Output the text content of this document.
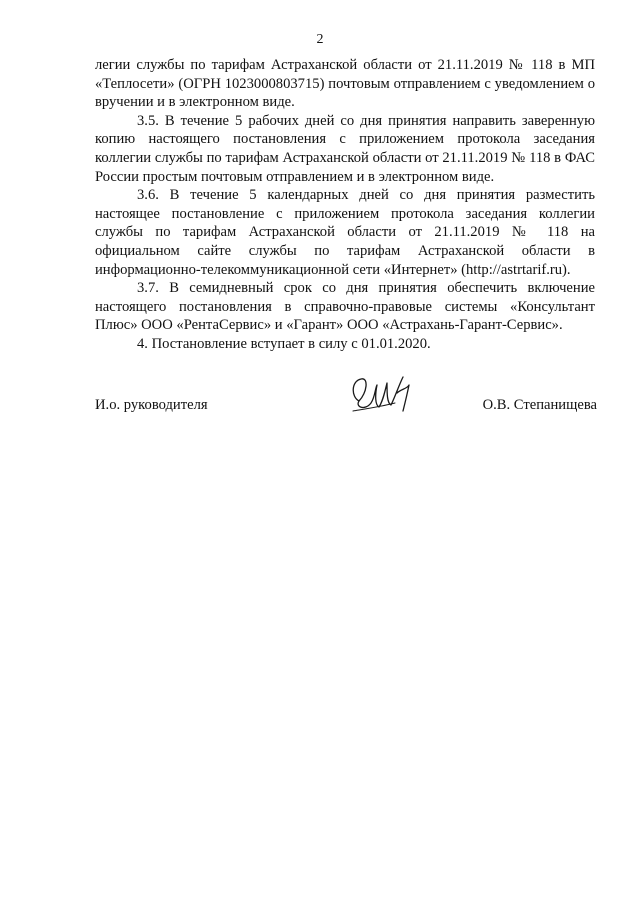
2

легии службы по тарифам Астраханской области от 21.11.2019 № 118 в МП «Теплосети» (ОГРН 1023000803715) почтовым отправлением с уведомлением о вручении и в электронном виде.

3.5. В течение 5 рабочих дней со дня принятия направить заверенную копию настоящего постановления с приложением протокола заседания коллегии службы по тарифам Астраханской области от 21.11.2019 № 118 в ФАС России простым почтовым отправлением и в электронном виде.

3.6. В течение 5 календарных дней со дня принятия разместить настоящее постановление с приложением протокола заседания коллегии службы по тарифам Астраханской области от 21.11.2019 № 118 на официальном сайте службы по тарифам Астраханской области в информационно-телекоммуникационной сети «Интернет» (http://astrtarif.ru).

3.7. В семидневный срок со дня принятия обеспечить включение настоящего постановления в справочно-правовые системы «Консультант Плюс» ООО «РентаСервис» и «Гарант» ООО «Астрахань-Гарант-Сервис».

4. Постановление вступает в силу с 01.01.2020.

И.о. руководителя	О.В. Степанищева
